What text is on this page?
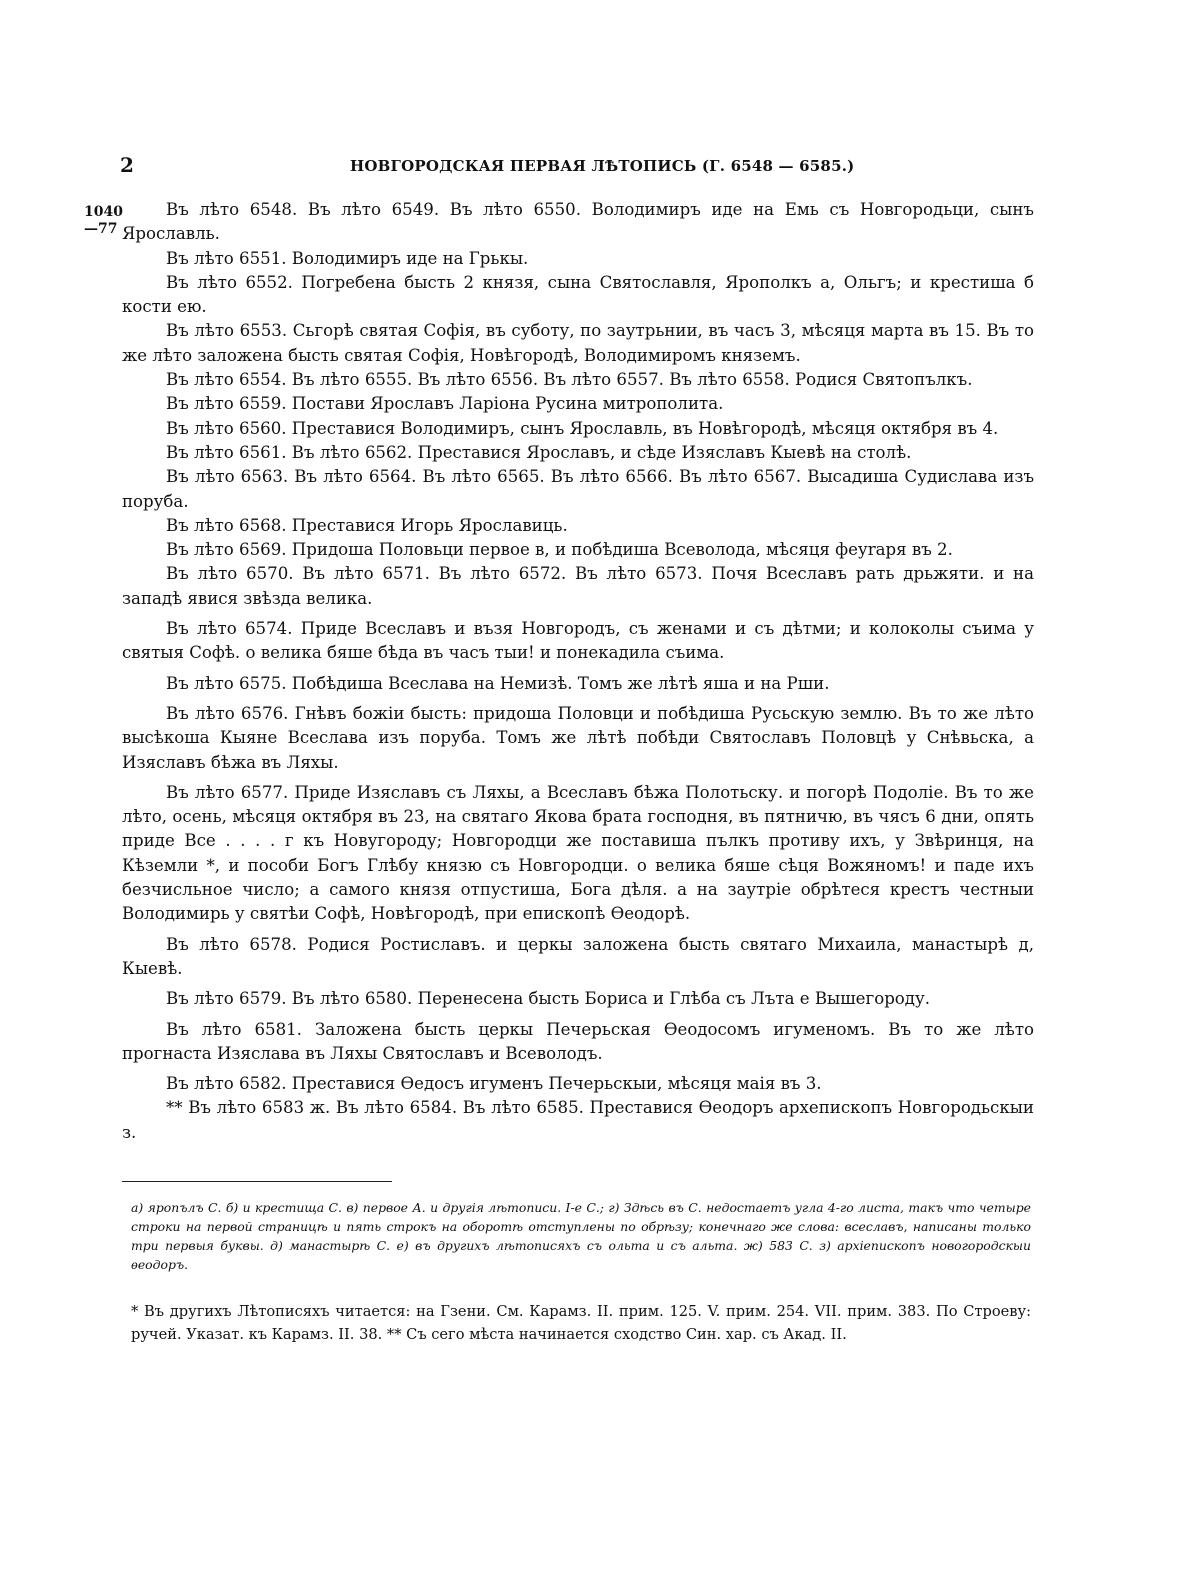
2	НОВГОРОДСКАЯ ПЕРВАЯ ЛѢТОПИСЬ (Г. 6548 — 6585.)
1040
—77

Въ лѣто 6548. Въ лѣто 6549. Въ лѣто 6550. Володимиръ иде на Емь съ Новгородьци, сынъ Ярославль.

Въ лѣто 6551. Володимиръ иде на Грькы.

Въ лѣто 6552. Погребена бысть 2 князя, сына Святославля, Ярополкъ а, Ольгъ; и крестиша б кости ею.

Въ лѣто 6553. Сьгорѣ святая Софія, въ суботу, по заутрьнии, въ часъ 3, мѣсяця марта въ 15. Въ то же лѣто заложена бысть святая Софія, Новѣгородѣ, Володимиромъ княземъ.

Въ лѣто 6554. Въ лѣто 6555. Въ лѣто 6556. Въ лѣто 6557. Въ лѣто 6558. Родися Святопълкъ.

Въ лѣто 6559. Постави Ярославъ Ларіона Русина митрополита.

Въ лѣто 6560. Преставися Володимиръ, сынъ Ярославль, въ Новѣгородѣ, мѣсяця октября въ 4.

Въ лѣто 6561. Въ лѣто 6562. Преставися Ярославъ, и сѣде Изяславъ Кыевѣ на столѣ.

Въ лѣто 6563. Въ лѣто 6564. Въ лѣто 6565. Въ лѣто 6566. Въ лѣто 6567. Высадиша Судислава изъ поруба.

Въ лѣто 6568. Преставися Игорь Ярославиць.

Въ лѣто 6569. Придоша Половьци первое в, и побѣдиша Всеволода, мѣсяця феуraря въ 2.

Въ лѣто 6570. Въ лѣто 6571. Въ лѣто 6572. Въ лѣто 6573. Почя Всеславъ рать дрьжяти. и на западѣ явися звѣзда велика.

Въ лѣто 6574. Приде Всеславъ и възя Новгородъ, съ женами и съ дѣтми; и колоколы съима у святыя Софѣ. о велика бяше бѣда въ часъ тыи! и понекадила съима.

Въ лѣто 6575. Побѣдиша Всеслава на Немизѣ. Томъ же лѣтѣ яша и на Рши.

Въ лѣто 6576. Гнѣвъ божіи бысть: придоша Половци и побѣдиша Русьскую землю. Въ то же лѣто высѣкоша Кыяне Всеслава изъ поруба. Томъ же лѣтѣ побѣди Святославъ Половцѣ у Снѣвьска, а Изяславъ бѣжа въ Ляхы.

Въ лѣто 6577. Приде Изяславъ съ Ляхы, а Всеславъ бѣжа Полотьску. и погорѣ Подоліе. Въ то же лѣто, осень, мѣсяця октября въ 23, на святаго Якова брата господня, въ пятничю, въ чясъ 6 дни, опять приде Все . . . . г къ Новугороду; Новгородци же поставиша пълкъ противу ихъ, у Звѣринця, на Кѣземли *, и пособи Богъ Глѣбу князю съ Новгородци. о велика бяше сѣця Вожяномъ! и паде ихъ безчисльное число; а самого князя отпустиша, Бога дѣля. а на заутріе обрѣтеся крестъ честныи Володимирь у святѣи Софѣ, Новѣгородѣ, при епископѣ Ѳеодорѣ.

Въ лѣто 6578. Родися Ростиславъ. и церкы заложена бысть святаго Михаила, манастырѣ д, Кыевѣ.

Въ лѣто 6579. Въ лѣто 6580. Перенесена бысть Бориса и Глѣба съ Лъта е Вышегороду.

Въ лѣто 6581. Заложена бысть церкы Печерьская Ѳеодосомъ игуменомъ. Въ то же лѣто прогнаста Изяслава въ Ляхы Святославъ и Всеволодъ.

Въ лѣто 6582. Преставися Ѳедосъ игуменъ Печерьскыи, мѣсяця маія въ 3.

** Въ лѣто 6583 ж. Въ лѣто 6584. Въ лѣто 6585. Преставися Ѳеодоръ архепископъ Новгородьскыи з.

а) яропълъ С. б) и крестища С. в) первое А. и другія лѣтописи. I-е С.; г) Здѣсь въ С. недостаетъ угла 4-го листа, такъ что четыре строки на первой страницѣ и пять строкъ на оборотѣ отступлены по обрѣзу; конечнаго же слова: всеславъ, написаны только три первыя буквы. д) манастырѣ С. е) въ другихъ лѣтописяхъ съ ольта и съ альта. ж) 583 С. з) архіепископъ новогородскыи ѳеодоръ.
* Въ другихъ Лѣтописяхъ читается: на Гзени. См. Карамз. II. прим. 125. V. прим. 254. VII. прим. 383. По Строеву: ручей. Указат. къ Карамз. II. 38. ** Съ сего мѣста начинается сходство Син. хар. съ Акад. II.
